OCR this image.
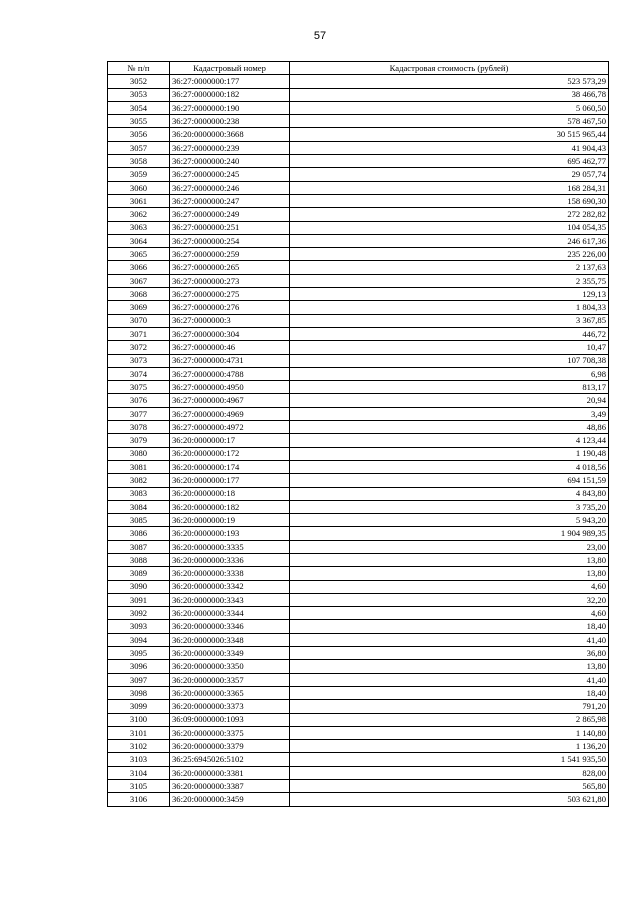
57
№ п/п	Кадастровый номер	Кадастровая стоимость (рублей)
3052	36:27:0000000:177	523 573,29
3053	36:27:0000000:182	38 466,78
3054	36:27:0000000:190	5 060,50
3055	36:27:0000000:238	578 467,50
3056	36:20:0000000:3668	30 515 965,44
3057	36:27:0000000:239	41 904,43
3058	36:27:0000000:240	695 462,77
3059	36:27:0000000:245	29 057,74
3060	36:27:0000000:246	168 284,31
3061	36:27:0000000:247	158 690,30
3062	36:27:0000000:249	272 282,82
3063	36:27:0000000:251	104 054,35
3064	36:27:0000000:254	246 617,36
3065	36:27:0000000:259	235 226,00
3066	36:27:0000000:265	2 137,63
3067	36:27:0000000:273	2 355,75
3068	36:27:0000000:275	129,13
3069	36:27:0000000:276	1 804,33
3070	36:27:0000000:3	3 367,85
3071	36:27:0000000:304	446,72
3072	36:27:0000000:46	10,47
3073	36:27:0000000:4731	107 708,38
3074	36:27:0000000:4788	6,98
3075	36:27:0000000:4950	813,17
3076	36:27:0000000:4967	20,94
3077	36:27:0000000:4969	3,49
3078	36:27:0000000:4972	48,86
3079	36:20:0000000:17	4 123,44
3080	36:20:0000000:172	1 190,48
3081	36:20:0000000:174	4 018,56
3082	36:20:0000000:177	694 151,59
3083	36:20:0000000:18	4 843,80
3084	36:20:0000000:182	3 735,20
3085	36:20:0000000:19	5 943,20
3086	36:20:0000000:193	1 904 989,35
3087	36:20:0000000:3335	23,00
3088	36:20:0000000:3336	13,80
3089	36:20:0000000:3338	13,80
3090	36:20:0000000:3342	4,60
3091	36:20:0000000:3343	32,20
3092	36:20:0000000:3344	4,60
3093	36:20:0000000:3346	18,40
3094	36:20:0000000:3348	41,40
3095	36:20:0000000:3349	36,80
3096	36:20:0000000:3350	13,80
3097	36:20:0000000:3357	41,40
3098	36:20:0000000:3365	18,40
3099	36:20:0000000:3373	791,20
3100	36:09:0000000:1093	2 865,98
3101	36:20:0000000:3375	1 140,80
3102	36:20:0000000:3379	1 136,20
3103	36:25:6945026:5102	1 541 935,50
3104	36:20:0000000:3381	828,00
3105	36:20:0000000:3387	565,80
3106	36:20:0000000:3459	503 621,80
